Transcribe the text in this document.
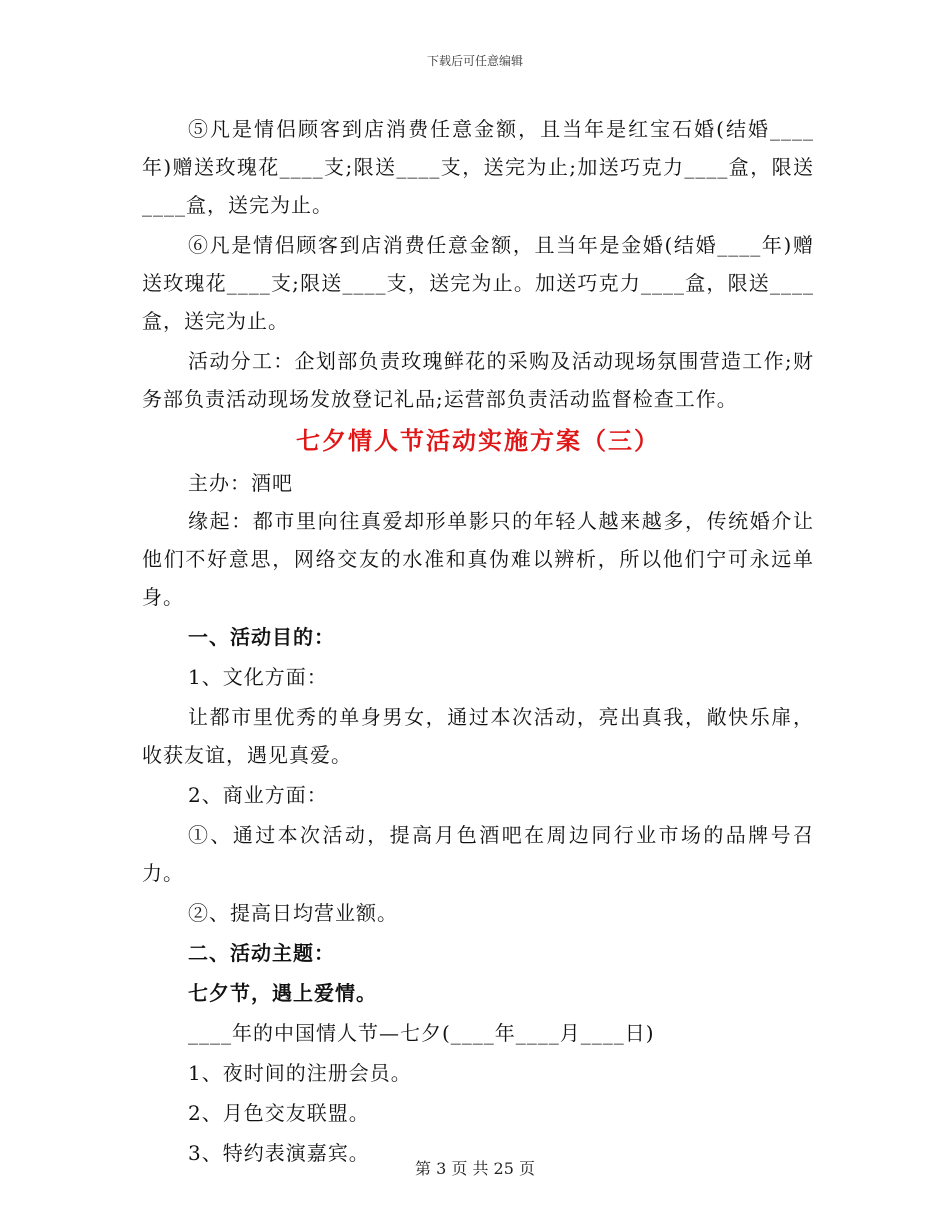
下载后可任意编辑

⑤凡是情侣顾客到店消费任意金额，且当年是红宝石婚(结婚____年)赠送玫瑰花____支;限送____支，送完为止;加送巧克力____盒，限送____盒，送完为止。

⑥凡是情侣顾客到店消费任意金额，且当年是金婚(结婚____年)赠送玫瑰花____支;限送____支，送完为止。加送巧克力____盒，限送____盒，送完为止。

活动分工：企划部负责玫瑰鲜花的采购及活动现场氛围营造工作;财务部负责活动现场发放登记礼品;运营部负责活动监督检查工作。

七夕情人节活动实施方案（三）

主办：酒吧

缘起：都市里向往真爱却形单影只的年轻人越来越多，传统婚介让他们不好意思，网络交友的水准和真伪难以辨析，所以他们宁可永远单身。

一、活动目的：

1、文化方面：

让都市里优秀的单身男女，通过本次活动，亮出真我，敞快乐扉，收获友谊，遇见真爱。

2、商业方面：

①、通过本次活动，提高月色酒吧在周边同行业市场的品牌号召力。

②、提高日均营业额。

二、活动主题：

七夕节，遇上爱情。

____年的中国情人节—七夕(____年____月____日)

1、夜时间的注册会员。

2、月色交友联盟。

3、特约表演嘉宾。

第 3 页 共 25 页
